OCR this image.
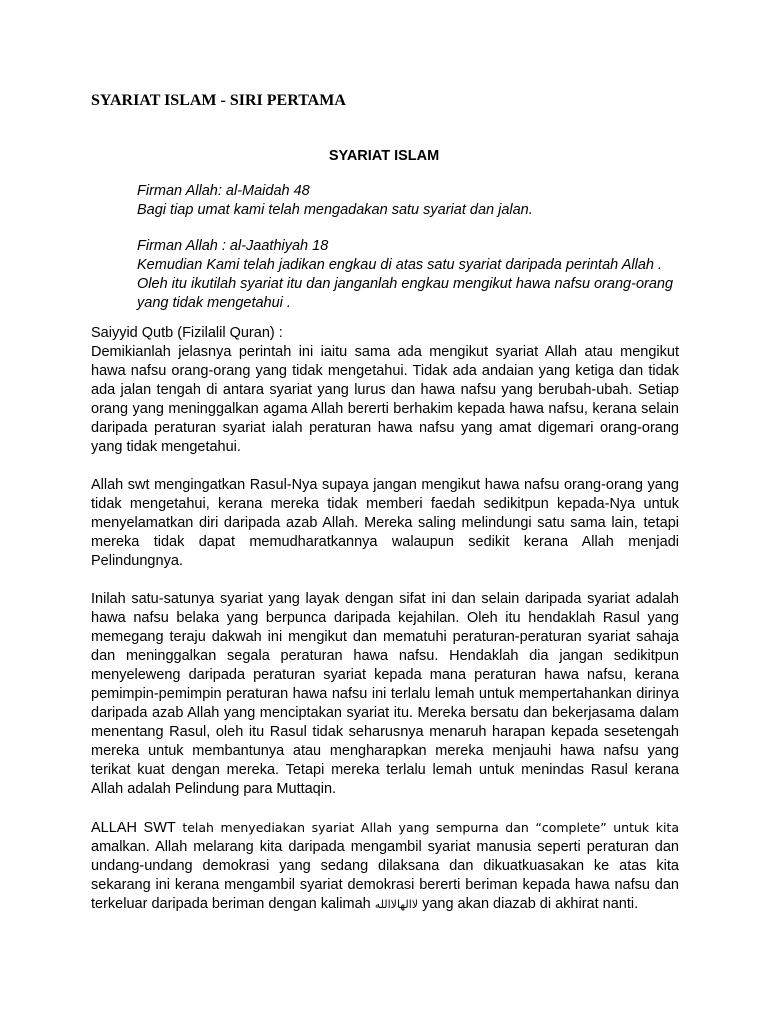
SYARIAT ISLAM - SIRI PERTAMA
SYARIAT ISLAM

Firman Allah: al-Maidah 48

Bagi tiap umat kami telah mengadakan satu syariat dan jalan.

Firman Allah : al-Jaathiyah 18

Kemudian Kami telah jadikan engkau di atas satu syariat daripada perintah Allah . Oleh itu ikutilah syariat itu dan janganlah engkau mengikut hawa nafsu orang-orang yang tidak mengetahui .

Saiyyid Qutb (Fizilalil Quran) :

Demikianlah jelasnya perintah ini iaitu sama ada mengikut syariat Allah atau mengikut hawa nafsu orang-orang yang tidak mengetahui. Tidak ada andaian yang ketiga dan tidak ada jalan tengah di antara syariat yang lurus dan hawa nafsu yang berubah-ubah. Setiap orang yang meninggalkan agama Allah bererti berhakim kepada hawa nafsu, kerana selain daripada peraturan syariat ialah peraturan hawa nafsu yang amat digemari orang-orang yang tidak mengetahui.

Allah swt mengingatkan Rasul-Nya supaya jangan mengikut hawa nafsu orang-orang yang tidak mengetahui, kerana mereka tidak memberi faedah sedikitpun kepada-Nya untuk menyelamatkan diri daripada azab Allah. Mereka saling melindungi satu sama lain, tetapi mereka tidak dapat memudharatkannya walaupun sedikit kerana Allah menjadi Pelindungnya.

Inilah satu-satunya syariat yang layak dengan sifat ini dan selain daripada syariat adalah hawa nafsu belaka yang berpunca daripada kejahilan. Oleh itu hendaklah Rasul yang memegang teraju dakwah ini mengikut dan mematuhi peraturan-peraturan syariat sahaja dan meninggalkan segala peraturan hawa nafsu. Hendaklah dia jangan sedikitpun menyeleweng daripada peraturan syariat kepada mana peraturan hawa nafsu, kerana pemimpin-pemimpin peraturan hawa nafsu ini terlalu lemah untuk mempertahankan dirinya daripada azab Allah yang menciptakan syariat itu. Mereka bersatu dan bekerjasama dalam menentang Rasul, oleh itu Rasul tidak seharusnya menaruh harapan kepada sesetengah mereka untuk membantunya atau mengharapkan mereka menjauhi hawa nafsu yang terikat kuat dengan mereka. Tetapi mereka terlalu lemah untuk menindas Rasul kerana Allah adalah Pelindung para Muttaqin.

ALLAH SWT telah menyediakan syariat Allah yang sempurna dan “complete” untuk kita amalkan. Allah melarang kita daripada mengambil syariat manusia seperti peraturan dan undang-undang demokrasi yang sedang dilaksana dan dikuatkuasakan ke atas kita sekarang ini kerana mengambil syariat demokrasi bererti beriman kepada hawa nafsu dan terkeluar daripada beriman dengan kalimah لاالهالاالله yang akan diazab di akhirat nanti.
